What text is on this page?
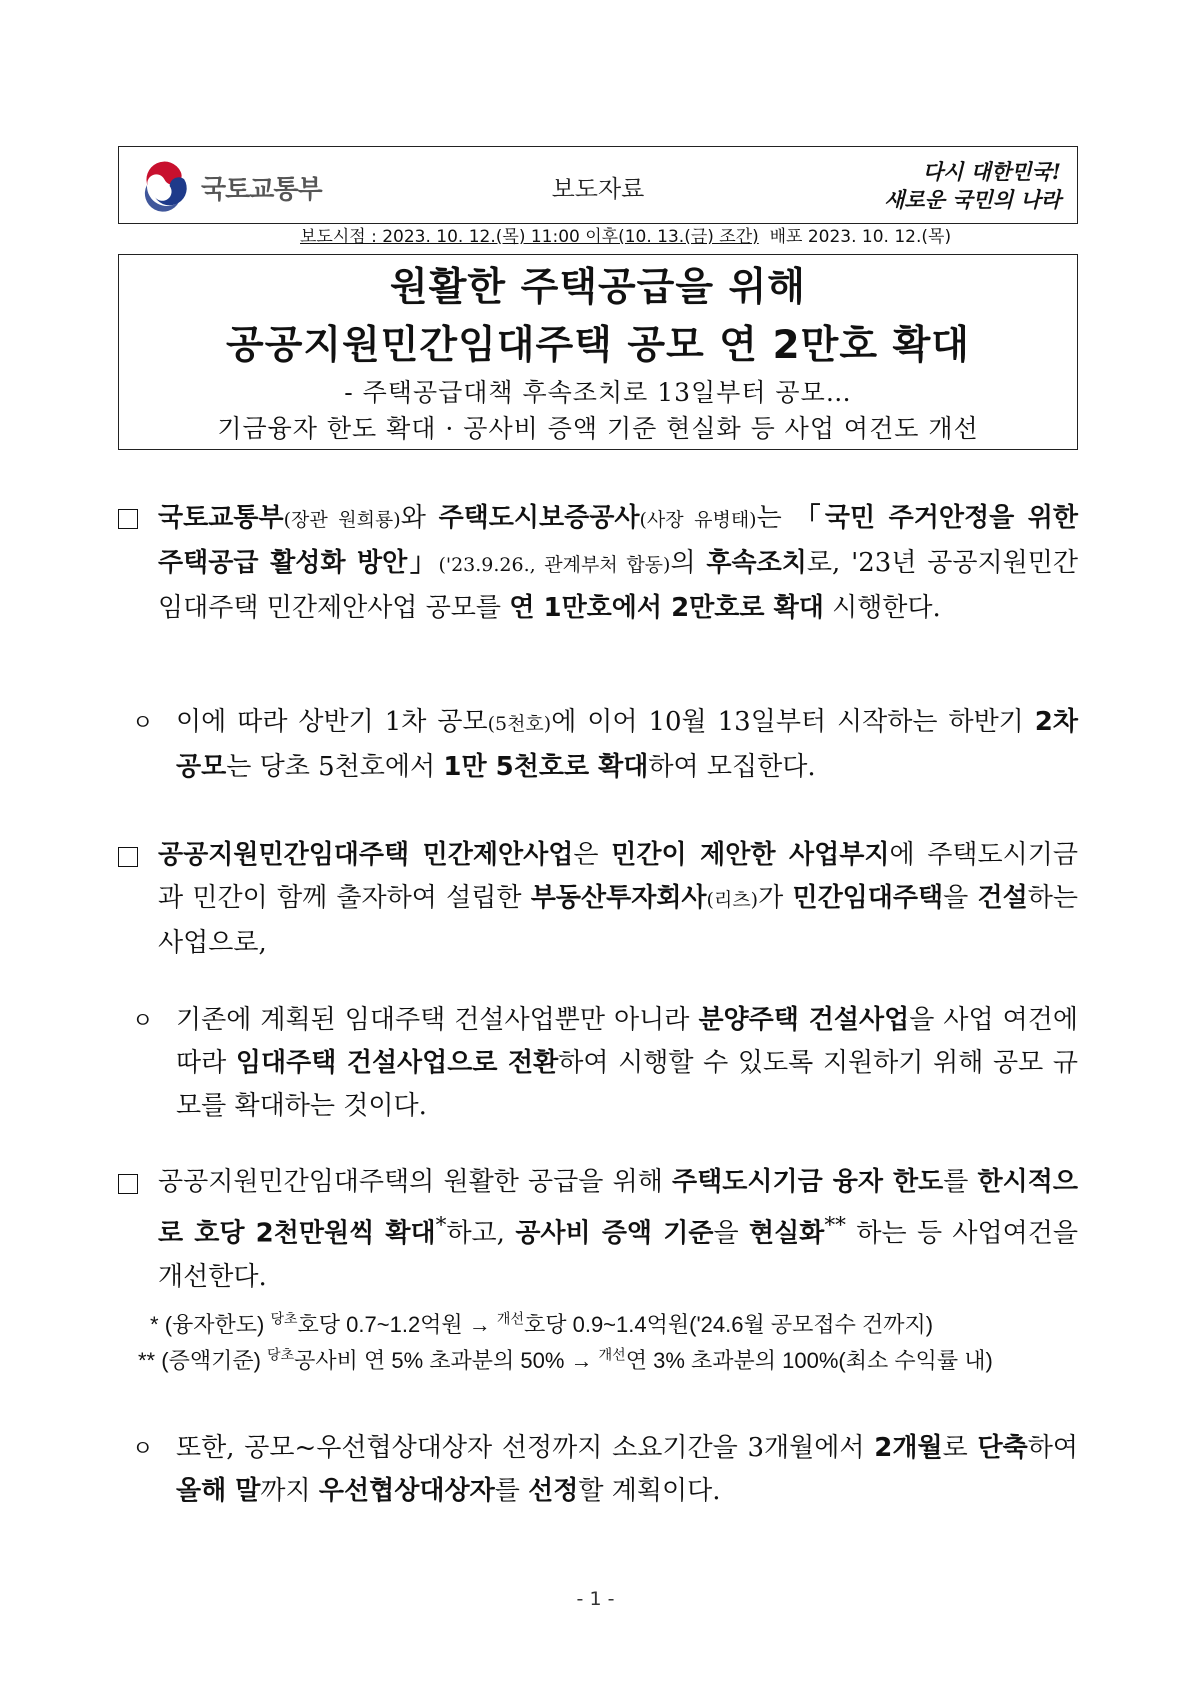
국토교통부	보도자료
다시 대한민국!
새로운 국민의 나라
보도시점 : 2023. 10. 12.(목) 11:00 이후(10. 13.(금) 조간) 배포 2023. 10. 12.(목)
원활한 주택공급을 위해
공공지원민간임대주택 공모 연 2만호 확대
- 주택공급대책 후속조치로 13일부터 공모…
기금융자 한도 확대 · 공사비 증액 기준 현실화 등 사업 여건도 개선
국토교통부(장관 원희룡)와 주택도시보증공사(사장 유병태)는 「국민 주거안정을 위한 주택공급 활성화 방안」('23.9.26., 관계부처 합동)의 후속조치로, '23년 공공지원민간임대주택 민간제안사업 공모를 연 1만호에서 2만호로 확대 시행한다.
ㅇ 이에 따라 상반기 1차 공모(5천호)에 이어 10월 13일부터 시작하는 하반기 2차 공모는 당초 5천호에서 1만 5천호로 확대하여 모집한다.
공공지원민간임대주택 민간제안사업은 민간이 제안한 사업부지에 주택도시기금과 민간이 함께 출자하여 설립한 부동산투자회사(리츠)가 민간임대주택을 건설하는 사업으로,
ㅇ 기존에 계획된 임대주택 건설사업뿐만 아니라 분양주택 건설사업을 사업 여건에 따라 임대주택 건설사업으로 전환하여 시행할 수 있도록 지원하기 위해 공모 규모를 확대하는 것이다.
공공지원민간임대주택의 원활한 공급을 위해 주택도시기금 융자 한도를 한시적으로 호당 2천만원씩 확대*하고, 공사비 증액 기준을 현실화** 하는 등 사업여건을 개선한다.
* (융자한도) $^{당초}$호당 0.7~1.2억원 → $^{개선}$호당 0.9~1.4억원('24.6월 공모접수 건까지)
** (증액기준) $^{당초}$공사비 연 5% 초과분의 50% → $^{개선}$연 3% 초과분의 100%(최소 수익률 내)
ㅇ 또한, 공모~우선협상대상자 선정까지 소요기간을 3개월에서 2개월로 단축하여 올해 말까지 우선협상대상자를 선정할 계획이다.
- 1 -
